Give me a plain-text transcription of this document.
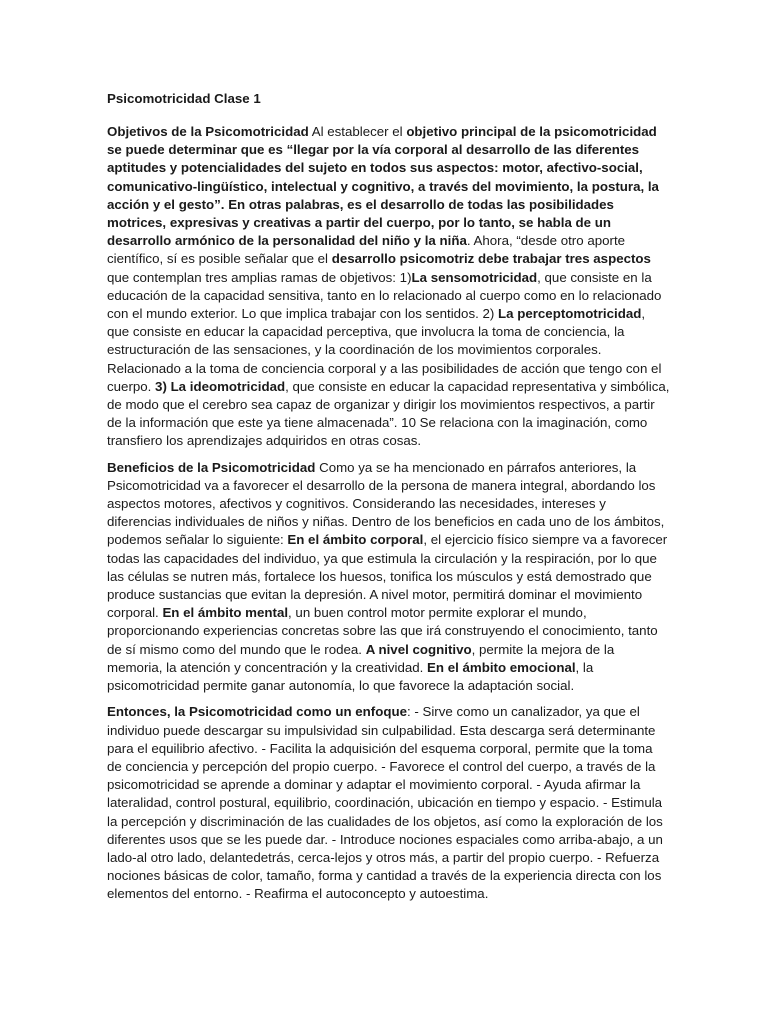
Psicomotricidad Clase 1

Objetivos de la Psicomotricidad Al establecer el objetivo principal de la psicomotricidad se puede determinar que es “llegar por la vía corporal al desarrollo de las diferentes aptitudes y potencialidades del sujeto en todos sus aspectos: motor, afectivo-social, comunicativo-lingüístico, intelectual y cognitivo, a través del movimiento, la postura, la acción y el gesto”. En otras palabras, es el desarrollo de todas las posibilidades motrices, expresivas y creativas a partir del cuerpo, por lo tanto, se habla de un desarrollo armónico de la personalidad del niño y la niña. Ahora, “desde otro aporte científico, sí es posible señalar que el desarrollo psicomotriz debe trabajar tres aspectos que contemplan tres amplias ramas de objetivos: 1)La sensomotricidad, que consiste en la educación de la capacidad sensitiva, tanto en lo relacionado al cuerpo como en lo relacionado con el mundo exterior. Lo que implica trabajar con los sentidos. 2) La perceptomotricidad, que consiste en educar la capacidad perceptiva, que involucra la toma de conciencia, la estructuración de las sensaciones, y la coordinación de los movimientos corporales. Relacionado a la toma de conciencia corporal y a las posibilidades de acción que tengo con el cuerpo. 3) La ideomotricidad, que consiste en educar la capacidad representativa y simbólica, de modo que el cerebro sea capaz de organizar y dirigir los movimientos respectivos, a partir de la información que este ya tiene almacenada”. 10 Se relaciona con la imaginación, como transfiero los aprendizajes adquiridos en otras cosas.

Beneficios de la Psicomotricidad Como ya se ha mencionado en párrafos anteriores, la Psicomotricidad va a favorecer el desarrollo de la persona de manera integral, abordando los aspectos motores, afectivos y cognitivos. Considerando las necesidades, intereses y diferencias individuales de niños y niñas. Dentro de los beneficios en cada uno de los ámbitos, podemos señalar lo siguiente: En el ámbito corporal, el ejercicio físico siempre va a favorecer todas las capacidades del individuo, ya que estimula la circulación y la respiración, por lo que las células se nutren más, fortalece los huesos, tonifica los músculos y está demostrado que produce sustancias que evitan la depresión. A nivel motor, permitirá dominar el movimiento corporal. En el ámbito mental, un buen control motor permite explorar el mundo, proporcionando experiencias concretas sobre las que irá construyendo el conocimiento, tanto de sí mismo como del mundo que le rodea. A nivel cognitivo, permite la mejora de la memoria, la atención y concentración y la creatividad. En el ámbito emocional, la psicomotricidad permite ganar autonomía, lo que favorece la adaptación social.

Entonces, la Psicomotricidad como un enfoque: - Sirve como un canalizador, ya que el individuo puede descargar su impulsividad sin culpabilidad. Esta descarga será determinante para el equilibrio afectivo. - Facilita la adquisición del esquema corporal, permite que la toma de conciencia y percepción del propio cuerpo. - Favorece el control del cuerpo, a través de la psicomotricidad se aprende a dominar y adaptar el movimiento corporal. - Ayuda afirmar la lateralidad, control postural, equilibrio, coordinación, ubicación en tiempo y espacio. - Estimula la percepción y discriminación de las cualidades de los objetos, así como la exploración de los diferentes usos que se les puede dar. - Introduce nociones espaciales como arriba-abajo, a un lado-al otro lado, delantedetrás, cerca-lejos y otros más, a partir del propio cuerpo. - Refuerza nociones básicas de color, tamaño, forma y cantidad a través de la experiencia directa con los elementos del entorno. - Reafirma el autoconcepto y autoestima.
